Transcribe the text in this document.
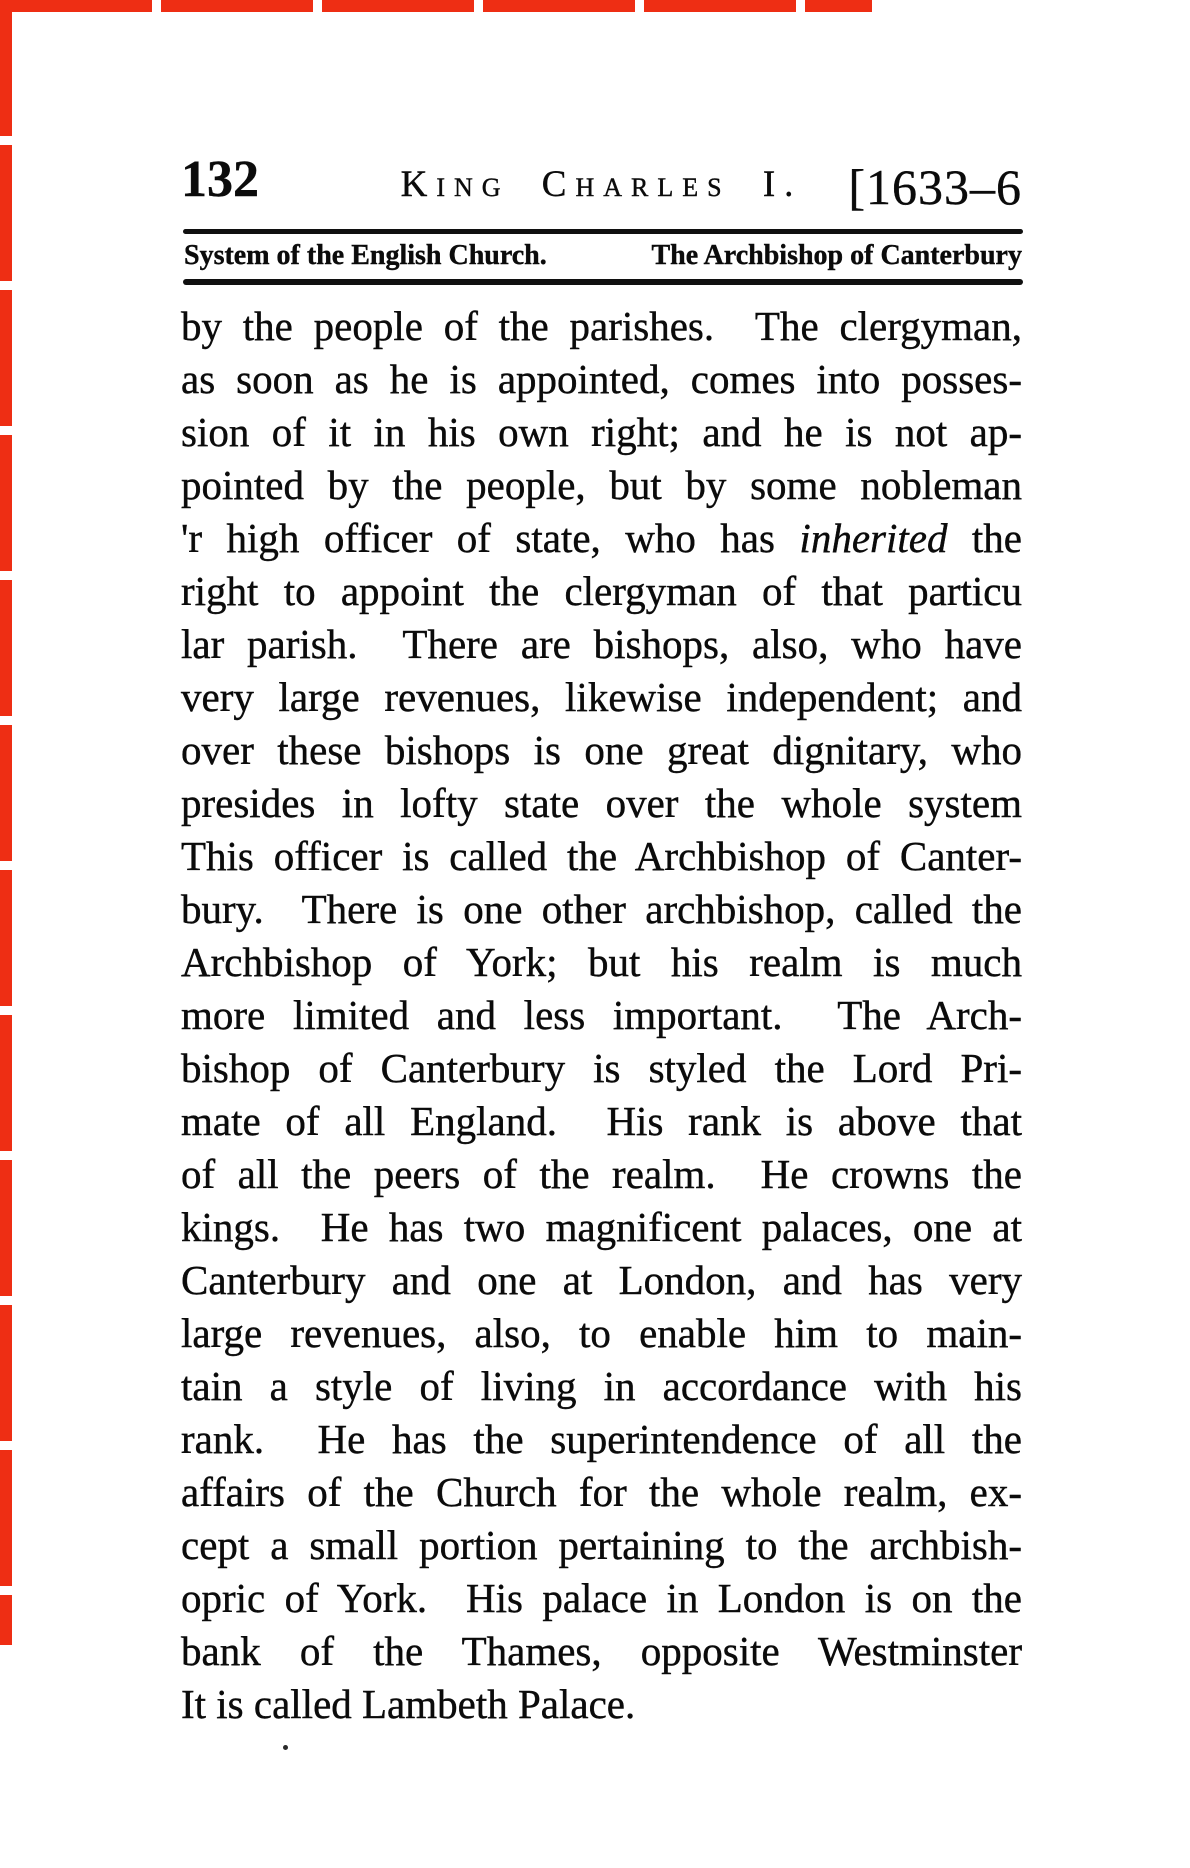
132	King Charles I. [1633–6
System of the English Church.	The Archbishop of Canterbury
by the people of the parishes.  The clergyman,
as soon as he is appointed, comes into posses-
sion of it in his own right; and he is not ap-
pointed by the people, but by some nobleman
'r high officer of state, who has inherited the
right to appoint the clergyman of that particu
lar parish.  There are bishops, also, who have
very large revenues, likewise independent; and
over these bishops is one great dignitary, who
presides in lofty state over the whole system
This officer is called the Archbishop of Canter-
bury.  There is one other archbishop, called the
Archbishop of York; but his realm is much
more limited and less important.  The Arch-
bishop of Canterbury is styled the Lord Pri-
mate of all England.  His rank is above that
of all the peers of the realm.  He crowns the
kings.  He has two magnificent palaces, one at
Canterbury and one at London, and has very
large revenues, also, to enable him to main-
tain a style of living in accordance with his
rank.  He has the superintendence of all the
affairs of the Church for the whole realm, ex-
cept a small portion pertaining to the archbish-
opric of York.  His palace in London is on the
bank of the Thames, opposite Westminster
It is called Lambeth Palace.
